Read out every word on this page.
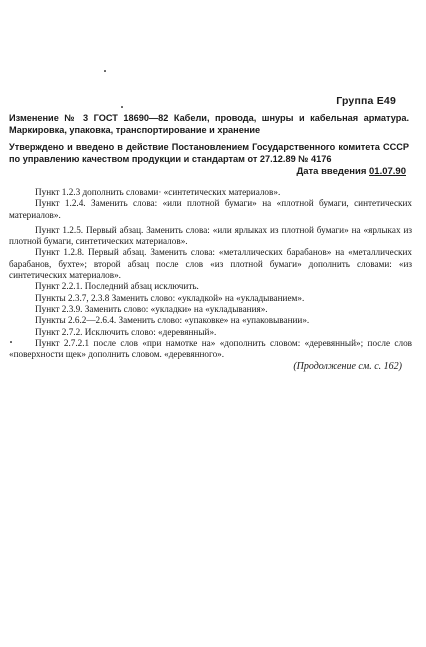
Группа Е49
Изменение № 3 ГОСТ 18690—82 Кабели, провода, шнуры и кабельная арматура. Маркировка, упаковка, транспортирование и хранение
Утверждено и введено в действие Постановлением Государственного комитета СССР по управлению качеством продукции и стандартам от 27.12.89 № 4176
Дата введения 01.07.90

Пункт 1.2.3 дополнить словами· «синтетических материалов».

Пункт 1.2.4. Заменить слова: «или плотной бумаги» на «плотной бумаги, синтетических материалов».

Пункт 1.2.5. Первый абзац. Заменить слова: «или ярлыках из плотной бумаги» на «ярлыках из плотной бумаги, синтетических материалов».

Пункт 1.2.8. Первый абзац. Заменить слова: «металлических барабанов» на «металлических барабанов, бухте»; второй абзац после слов «из плотной бумаги» дополнить словами: «из синтетических материалов».

Пункт 2.2.1. Последний абзац исключить.

Пункты 2.3.7, 2.3.8 Заменить слово: «укладкой» на «укладыванием».

Пункт 2.3.9. Заменить слово: «укладки» на «укладывания».

Пункты 2.6.2—2.6.4. Заменить слово: «упаковке» на «упаковывании».

Пункт 2.7.2. Исключить слово: «деревянный».

Пункт 2.7.2.1 после слов «при намотке на» «дополнить словом: «деревянный»; после слов «поверхности щек» дополнить словом. «деревянного».

(Продолжение см. с. 162)
